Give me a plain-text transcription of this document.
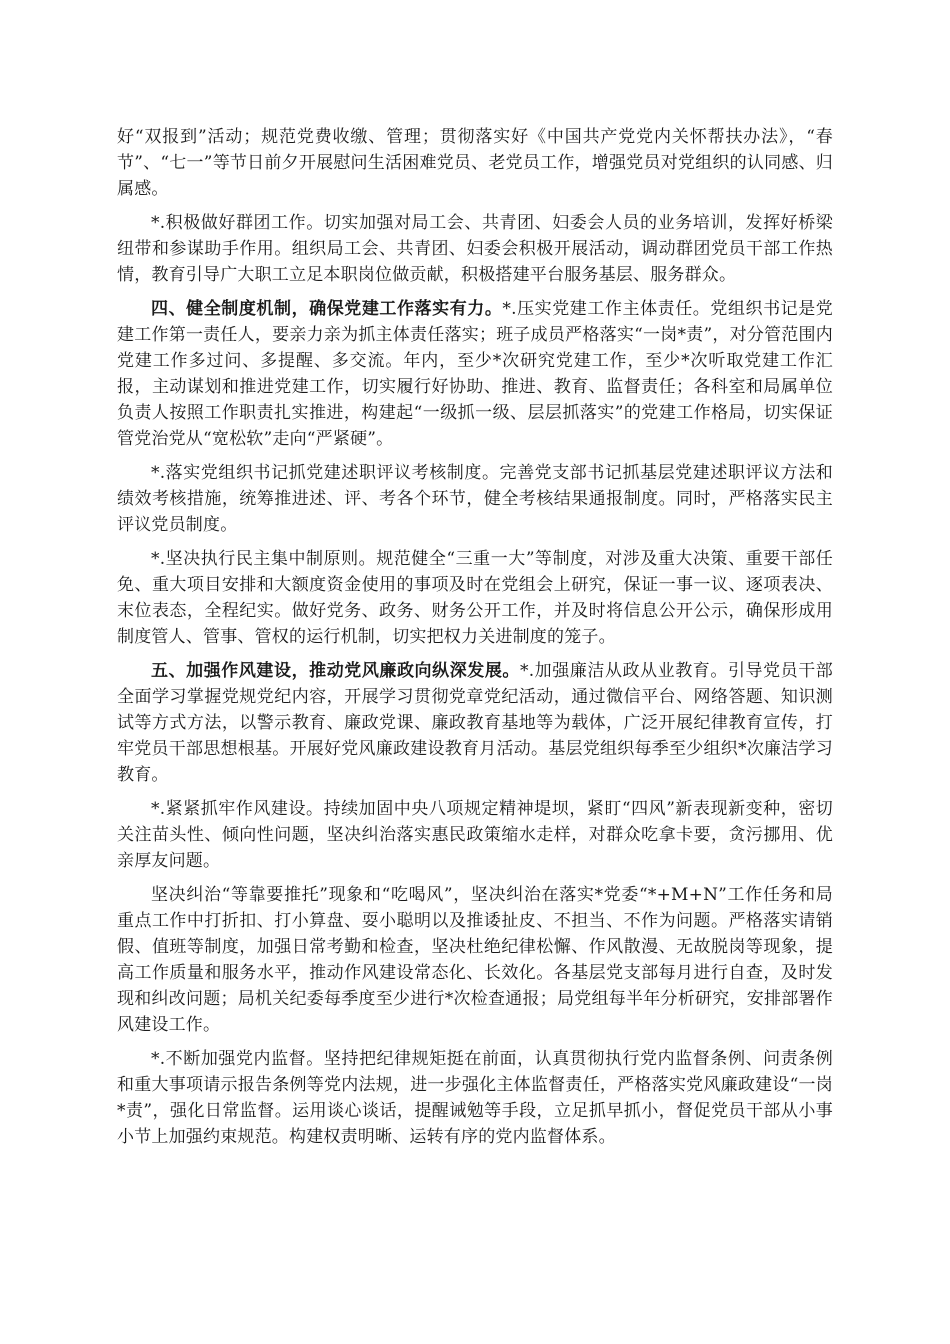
好“双报到”活动；规范党费收缴、管理；贯彻落实好《中国共产党党内关怀帮扶办法》，“春节”、“七一”等节日前夕开展慰问生活困难党员、老党员工作，增强党员对党组织的认同感、归属感。

*.积极做好群团工作。切实加强对局工会、共青团、妇委会人员的业务培训，发挥好桥梁纽带和参谋助手作用。组织局工会、共青团、妇委会积极开展活动，调动群团党员干部工作热情，教育引导广大职工立足本职岗位做贡献，积极搭建平台服务基层、服务群众。

四、健全制度机制，确保党建工作落实有力。*.压实党建工作主体责任。党组织书记是党建工作第一责任人，要亲力亲为抓主体责任落实；班子成员严格落实“一岗*责”，对分管范围内党建工作多过问、多提醒、多交流。年内，至少*次研究党建工作，至少*次听取党建工作汇报，主动谋划和推进党建工作，切实履行好协助、推进、教育、监督责任；各科室和局属单位负责人按照工作职责扎实推进，构建起“一级抓一级、层层抓落实”的党建工作格局，切实保证管党治党从“宽松软”走向“严紧硬”。

*.落实党组织书记抓党建述职评议考核制度。完善党支部书记抓基层党建述职评议方法和绩效考核措施，统筹推进述、评、考各个环节，健全考核结果通报制度。同时，严格落实民主评议党员制度。

*.坚决执行民主集中制原则。规范健全“三重一大”等制度，对涉及重大决策、重要干部任免、重大项目安排和大额度资金使用的事项及时在党组会上研究，保证一事一议、逐项表决、末位表态，全程纪实。做好党务、政务、财务公开工作，并及时将信息公开公示，确保形成用制度管人、管事、管权的运行机制，切实把权力关进制度的笼子。

五、加强作风建设，推动党风廉政向纵深发展。*.加强廉洁从政从业教育。引导党员干部全面学习掌握党规党纪内容，开展学习贯彻党章党纪活动，通过微信平台、网络答题、知识测试等方式方法，以警示教育、廉政党课、廉政教育基地等为载体，广泛开展纪律教育宣传，打牢党员干部思想根基。开展好党风廉政建设教育月活动。基层党组织每季至少组织*次廉洁学习教育。

*.紧紧抓牢作风建设。持续加固中央八项规定精神堤坝，紧盯“四风”新表现新变种，密切关注苗头性、倾向性问题，坚决纠治落实惠民政策缩水走样，对群众吃拿卡要，贪污挪用、优亲厚友问题。

坚决纠治“等靠要推托”现象和“吃喝风”，坚决纠治在落实*党委“*+M+N”工作任务和局重点工作中打折扣、打小算盘、耍小聪明以及推诿扯皮、不担当、不作为问题。严格落实请销假、值班等制度，加强日常考勤和检查，坚决杜绝纪律松懈、作风散漫、无故脱岗等现象，提高工作质量和服务水平，推动作风建设常态化、长效化。各基层党支部每月进行自查，及时发现和纠改问题；局机关纪委每季度至少进行*次检查通报；局党组每半年分析研究，安排部署作风建设工作。

*.不断加强党内监督。坚持把纪律规矩挺在前面，认真贯彻执行党内监督条例、问责条例和重大事项请示报告条例等党内法规，进一步强化主体监督责任，严格落实党风廉政建设“一岗*责”，强化日常监督。运用谈心谈话，提醒诫勉等手段，立足抓早抓小，督促党员干部从小事小节上加强约束规范。构建权责明晰、运转有序的党内监督体系。
